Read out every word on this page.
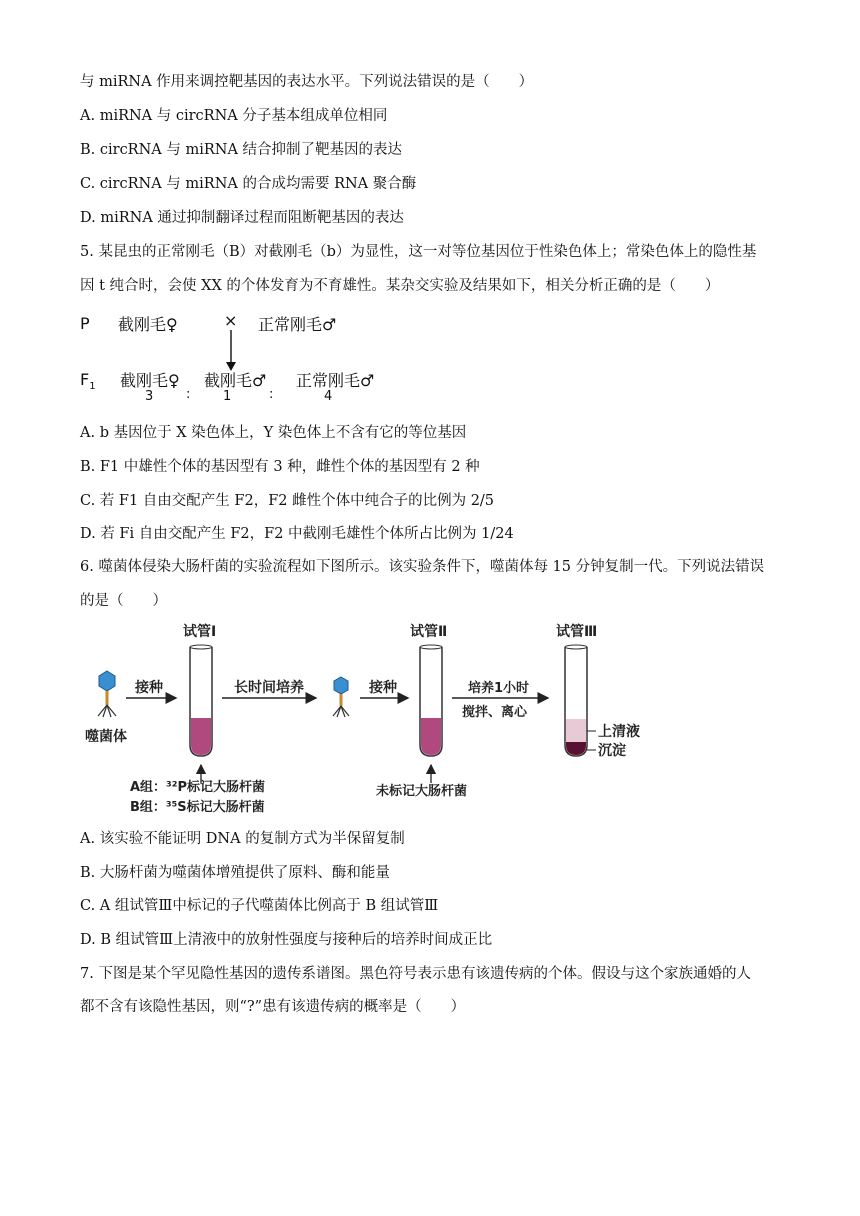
与 miRNA 作用来调控靶基因的表达水平。下列说法错误的是（　　）
A. miRNA 与 circRNA 分子基本组成单位相同
B. circRNA 与 miRNA 结合抑制了靶基因的表达
C. circRNA 与 miRNA 的合成均需要 RNA 聚合酶
D. miRNA 通过抑制翻译过程而阻断靶基因的表达
5. 某昆虫的正常刚毛（B）对截刚毛（b）为显性，这一对等位基因位于性染色体上；常染色体上的隐性基
因 t 纯合时，会使 XX 的个体发育为不育雄性。某杂交实验及结果如下，相关分析正确的是（　　）
P 截刚毛♀	× 正常刚毛♂
$F_1$ 截刚毛♀ 截刚毛♂ 正常刚毛♂
3	:	1	:	4
A. b 基因位于 X 染色体上，Y 染色体上不含有它的等位基因
B. F1 中雄性个体的基因型有 3 种，雌性个体的基因型有 2 种
C. 若 F1 自由交配产生 F2，F2 雌性个体中纯合子的比例为 2/5
D. 若 Fi 自由交配产生 F2，F2 中截刚毛雄性个体所占比例为 1/24
6. 噬菌体侵染大肠杆菌的实验流程如下图所示。该实验条件下，噬菌体每 15 分钟复制一代。下列说法错误
的是（　　）
试管Ⅰ	试管Ⅱ	试管Ⅲ
噬菌体
接种
A组：³²P标记大肠杆菌
B组：³⁵S标记大肠杆菌
长时间培养	接种
未标记大肠杆菌
培养1小时
搅拌、离心
上清液
沉淀
A. 该实验不能证明 DNA 的复制方式为半保留复制
B. 大肠杆菌为噬菌体增殖提供了原料、酶和能量
C. A 组试管Ⅲ中标记的子代噬菌体比例高于 B 组试管Ⅲ
D. B 组试管Ⅲ上清液中的放射性强度与接种后的培养时间成正比
7. 下图是某个罕见隐性基因的遗传系谱图。黑色符号表示患有该遗传病的个体。假设与这个家族通婚的人
都不含有该隐性基因，则“?”患有该遗传病的概率是（　　）
